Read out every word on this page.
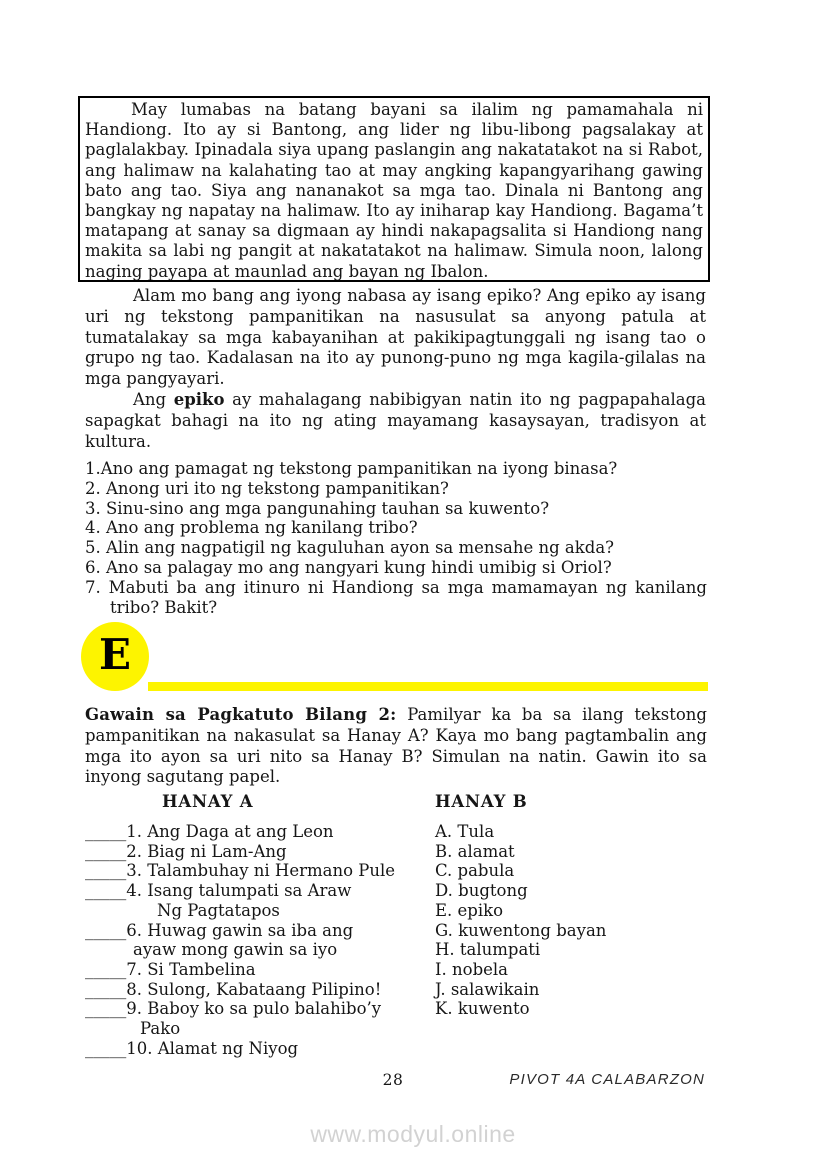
May lumabas na batang bayani sa ilalim ng pamamahala ni Handiong. Ito ay si Bantong, ang lider ng libu-libong pagsalakay at paglalakbay. Ipinadala siya upang paslangin ang nakatatakot na si Rabot, ang halimaw na kalahating tao at may angking kapangyarihang gawing bato ang tao. Siya ang nananakot sa mga tao. Dinala ni Bantong ang bangkay ng napatay na halimaw. Ito ay iniharap kay Handiong. Bagama’t matapang at sanay sa digmaan ay hindi nakapagsalita si Handiong nang makita sa labi ng pangit at nakatatakot na halimaw. Simula noon, lalong naging payapa at maunlad ang bayan ng Ibalon.

Alam mo bang ang iyong nabasa ay isang epiko? Ang epiko ay isang uri ng tekstong pampanitikan na nasusulat sa anyong patula at tumatalakay sa mga kabayanihan at pakikipagtunggali ng isang tao o grupo ng tao. Kadalasan na ito ay punong-puno ng mga kagila-gilalas na mga pangyayari.

Ang epiko ay mahalagang nabibigyan natin ito ng pagpapahalaga sapagkat bahagi na ito ng ating mayamang kasaysayan, tradisyon at kultura.

1.Ano ang pamagat ng tekstong pampanitikan na iyong binasa?
2. Anong uri ito ng tekstong pampanitikan?
3. Sinu-sino ang mga pangunahing tauhan sa kuwento?
4. Ano ang problema ng kanilang tribo?
5. Alin ang nagpatigil ng kaguluhan ayon sa mensahe ng akda?
6. Ano sa palagay mo ang nangyari kung hindi umibig si Oriol?
7. Mabuti ba ang itinuro ni Handiong sa mga mamamayan ng kanilang tribo? Bakit?
E

Gawain sa Pagkatuto Bilang 2: Pamilyar ka ba sa ilang tekstong pampanitikan na nakasulat sa Hanay A? Kaya mo bang pagtambalin ang mga ito ayon sa uri nito sa Hanay B? Simulan na natin. Gawin ito sa inyong sagutang papel.

HANAY A	HANAY B
_____1. Ang Daga at ang Leon
_____2. Biag ni Lam-Ang
_____3. Talambuhay ni Hermano Pule
_____4. Isang talumpati sa Araw
Ng Pagtatapos
_____6. Huwag gawin sa iba ang
ayaw mong gawin sa iyo
_____7. Si Tambelina
_____8. Sulong, Kabataang Pilipino!
_____9. Baboy ko sa pulo balahibo’y
Pako
_____10. Alamat ng Niyog
A. Tula
B. alamat
C. pabula
D. bugtong
E. epiko
G. kuwentong bayan
H. talumpati
I. nobela
J. salawikain
K. kuwento
28	PIVOT 4A CALABARZON
www.modyul.online
